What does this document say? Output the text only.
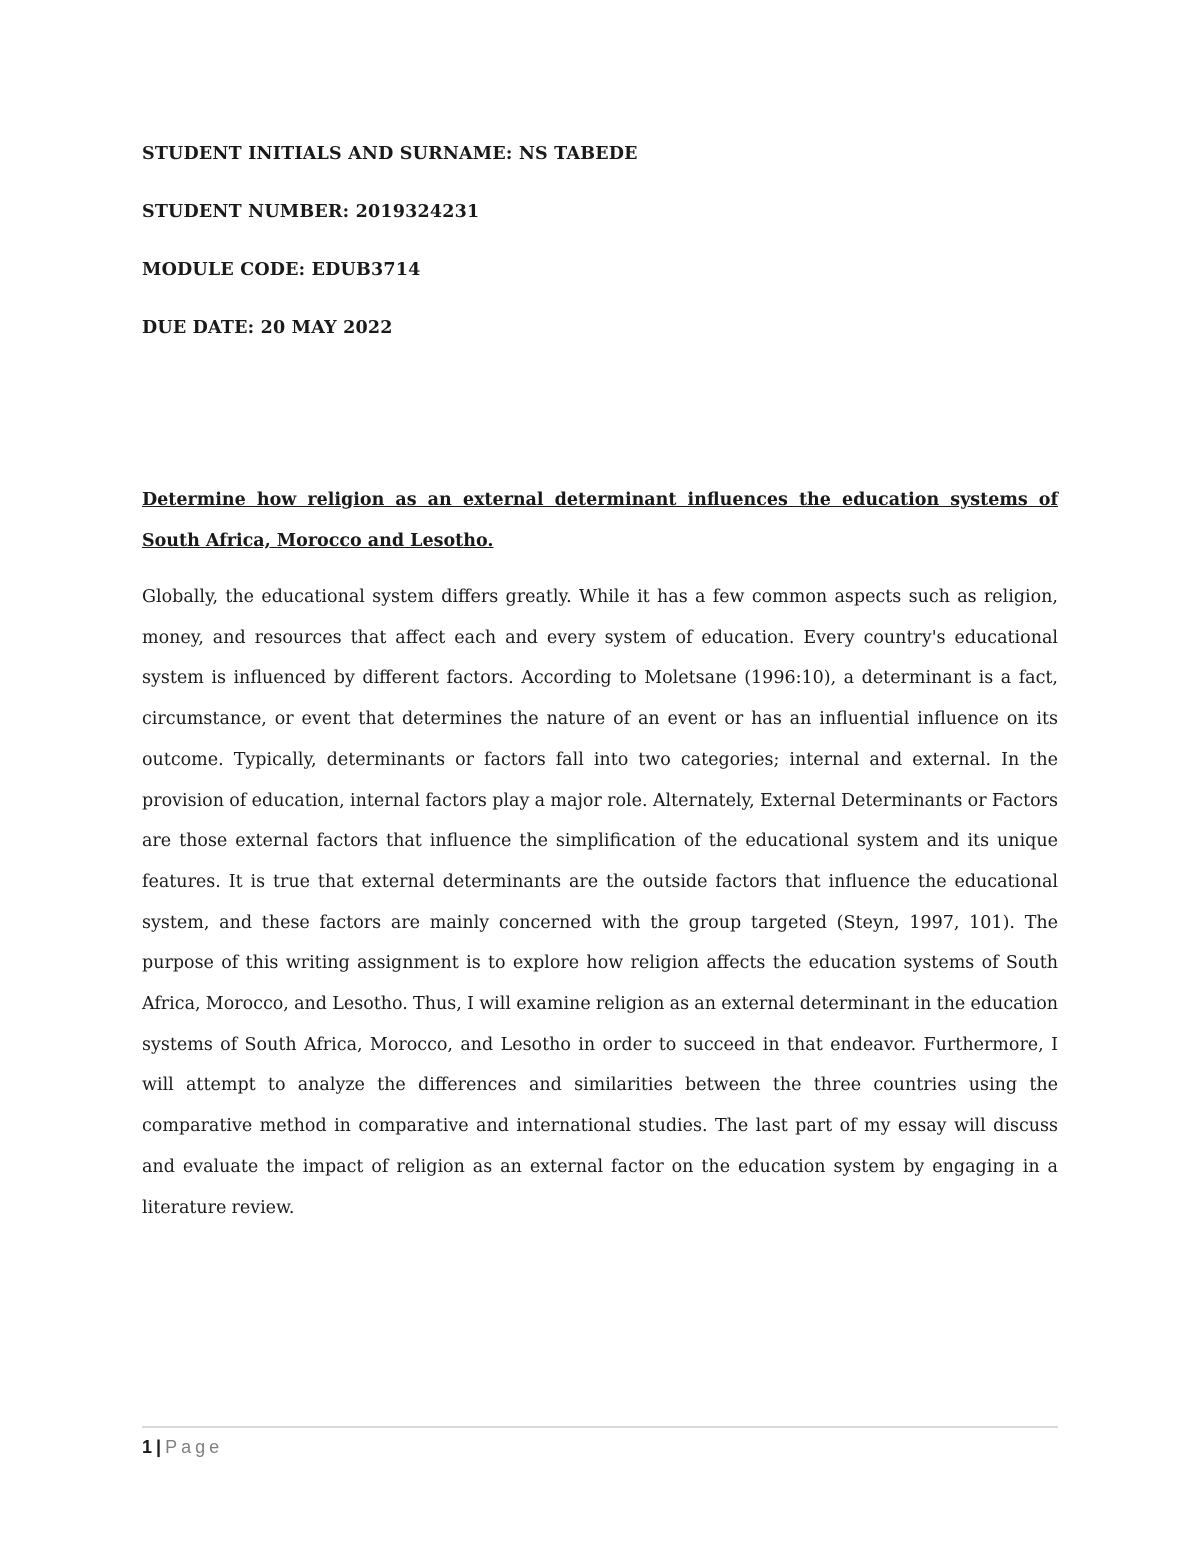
STUDENT INITIALS AND SURNAME: NS TABEDE

STUDENT NUMBER: 2019324231

MODULE CODE: EDUB3714

DUE DATE: 20 MAY 2022

Determine how religion as an external determinant influences the education systems of South Africa, Morocco and Lesotho.

Globally, the educational system differs greatly. While it has a few common aspects such as religion, money, and resources that affect each and every system of education. Every country's educational system is influenced by different factors. According to Moletsane (1996:10), a determinant is a fact, circumstance, or event that determines the nature of an event or has an influential influence on its outcome. Typically, determinants or factors fall into two categories; internal and external. In the provision of education, internal factors play a major role. Alternately, External Determinants or Factors are those external factors that influence the simplification of the educational system and its unique features. It is true that external determinants are the outside factors that influence the educational system, and these factors are mainly concerned with the group targeted (Steyn, 1997, 101). The purpose of this writing assignment is to explore how religion affects the education systems of South Africa, Morocco, and Lesotho. Thus, I will examine religion as an external determinant in the education systems of South Africa, Morocco, and Lesotho in order to succeed in that endeavor. Furthermore, I will attempt to analyze the differences and similarities between the three countries using the comparative method in comparative and international studies. The last part of my essay will discuss and evaluate the impact of religion as an external factor on the education system by engaging in a literature review.

1 | Page
